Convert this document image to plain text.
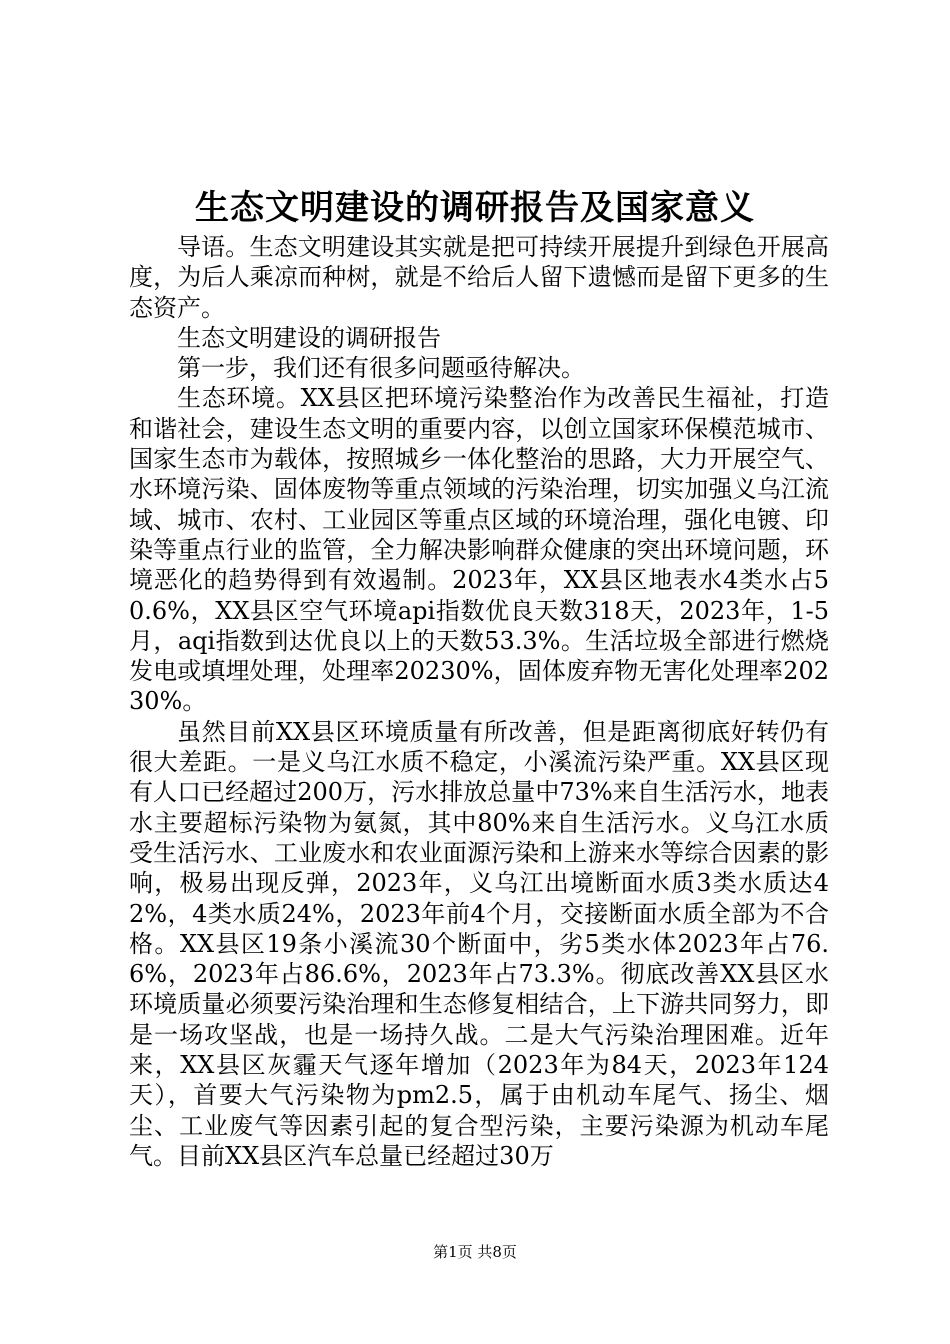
生态文明建设的调研报告及国家意义

导语。生态文明建设其实就是把可持续开展提升到绿色开展高度，为后人乘凉而种树，就是不给后人留下遗憾而是留下更多的生态资产。

生态文明建设的调研报告

第一步，我们还有很多问题亟待解决。

生态环境。XX县区把环境污染整治作为改善民生福祉，打造和谐社会，建设生态文明的重要内容，以创立国家环保模范城市、国家生态市为载体，按照城乡一体化整治的思路，大力开展空气、水环境污染、固体废物等重点领域的污染治理，切实加强义乌江流域、城市、农村、工业园区等重点区域的环境治理，强化电镀、印染等重点行业的监管，全力解决影响群众健康的突出环境问题，环境恶化的趋势得到有效遏制。2023年，XX县区地表水4类水占50.6%，XX县区空气环境api指数优良天数318天，2023年，1-5月，aqi指数到达优良以上的天数53.3%。生活垃圾全部进行燃烧发电或填埋处理，处理率20230%，固体废弃物无害化处理率20230%。

虽然目前XX县区环境质量有所改善，但是距离彻底好转仍有很大差距。一是义乌江水质不稳定，小溪流污染严重。XX县区现有人口已经超过200万，污水排放总量中73%来自生活污水，地表水主要超标污染物为氨氮，其中80%来自生活污水。义乌江水质受生活污水、工业废水和农业面源污染和上游来水等综合因素的影响，极易出现反弹，2023年，义乌江出境断面水质3类水质达42%，4类水质24%，2023年前4个月，交接断面水质全部为不合格。XX县区19条小溪流30个断面中，劣5类水体2023年占76.6%，2023年占86.6%，2023年占73.3%。彻底改善XX县区水环境质量必须要污染治理和生态修复相结合，上下游共同努力，即是一场攻坚战，也是一场持久战。二是大气污染治理困难。近年来，XX县区灰霾天气逐年增加（2023年为84天，2023年124天），首要大气污染物为pm2.5，属于由机动车尾气、扬尘、烟尘、工业废气等因素引起的复合型污染，主要污染源为机动车尾气。目前XX县区汽车总量已经超过30万

第1页 共8页
